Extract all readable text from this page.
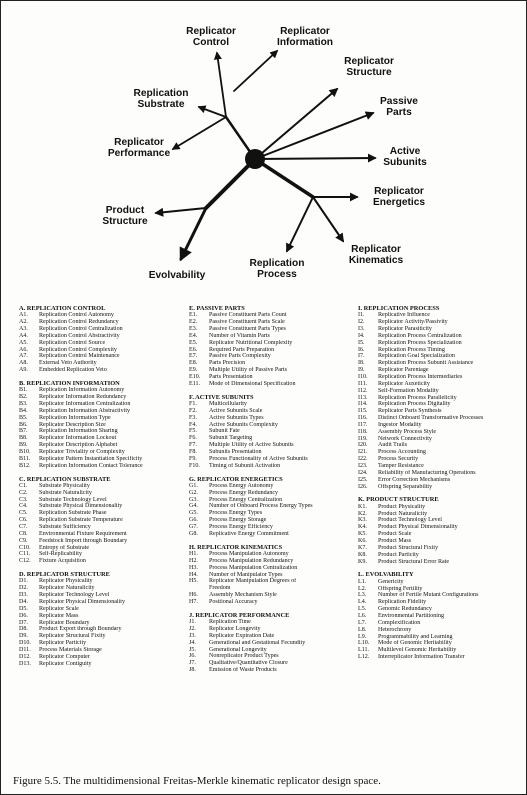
Replicator
Control
Replicator
Information
Replicator
Structure
Passive
Parts
Active
Subunits
Replicator
Energetics
Replicator
Kinematics
Replication
Process
Evolvability
Product
Structure
Replicator
Performance
Replication
Substrate
A. REPLICATION CONTROL
A1. Replication Control Autonomy
A2. Replication Control Redundancy
A3. Replication Control Centralization
A4. Replication Control Abstractivity
A5. Replication Control Source
A6. Replication Control Complexity
A7. Replication Control Maintenance
A8. External Veto Authority
A9. Embedded Replication Veto
B. REPLICATION INFORMATION
B1. Replication Information Autonomy
B2. Replicator Information Redundancy
B3. Replicator Information Centralization
B4. Replication Information Abstractivity
B5. Replication Information Type
B6. Replicator Description Size
B7. Replication Information Sharing
B8. Replicator Information Lockout
B9. Replicator Description Alphabet
B10. Replicator Triviality or Complexity
B11. Replicator Pattern Instantiation Specificity
B12. Replication Information Contact Tolerance
C. REPLICATION SUBSTRATE
C1. Substrate Physicality
C2. Substrate Naturalicity
C3. Substrate Technology Level
C4. Substrate Physical Dimensionality
C5. Replication Substrate Phase
C6. Replication Substrate Temperature
C7. Substrate Sufficiency
C8. Environmental Fixture Requirement
C9. Feedstock Import through Boundary
C10. Entropy of Substrate
C11. Self-Replicability
C12. Fixture Acquisition
D. REPLICATOR STRUCTURE
D1. Replicator Physicality
D2. Replicator Naturalicity
D3. Replicator Technology Level
D4. Replicator Physical Dimensionality
D5. Replicator Scale
D6. Replicator Mass
D7. Replicator Boundary
D8. Product Export through Boundary
D9. Replicator Structural Fixity
D10. Replicator Particity
D11. Process Materials Storage
D12. Replicator Computer
D13. Replicator Contiguity
E. PASSIVE PARTS
E1. Passive Constituent Parts Count
E2. Passive Constituent Parts Scale
E3. Passive Constituent Parts Types
E4. Number of Vitamin Parts
E5. Replicator Nutritional Complexity
E6. Required Parts Preparation
E7. Passive Parts Complexity
E8. Parts Precision
E9. Multiple Utility of Passive Parts
E10. Parts Presentation
E11. Mode of Dimensional Specification
F. ACTIVE SUBUNITS
F1. Multicellularity
F2. Active Subunits Scale
F3. Active Subunits Types
F4. Active Subunits Complexity
F5. Subunit Fate
F6. Subunit Targeting
F7. Multiple Utility of Active Subunits
F8. Subunits Presentation
F9. Process Functionality of Active Subunits
F10. Timing of Subunit Activation
G. REPLICATOR ENERGETICS
G1. Process Energy Autonomy
G2. Process Energy Redundancy
G3. Process Energy Centralization
G4. Number of Onboard Process Energy Types
G5. Process Energy Types
G6. Process Energy Storage
G7. Process Energy Efficiency
G8. Replicative Energy Commitment
H. REPLICATOR KINEMATICS
H1. Process Manipulation Autonomy
H2. Process Manipulation Redundancy
H3. Process Manipulation Centralization
H4. Number of Manipulator Types
H5. Replicator Manipulation Degrees of
Freedom
H6. Assembly Mechanism Style
H7. Positional Accuracy
J. REPLICATOR PERFORMANCE
J1. Replication Time
J2. Replicator Longevity
J3. Replicator Expiration Date
J4. Generational and Gestational Fecundity
J5. Generational Longevity
J6. Nonreplicator Product Types
J7. Qualitative/Quantitative Closure
J8. Emission of Waste Products
I. REPLICATION PROCESS
I1. Replicative Influence
I2. Replicator Activity/Passivity
I3. Replicator Parasiticity
I4. Replication Process Centralization
I5. Replication Process Specialization
I6. Replication Process Timing
I7. Replication Goal Specialization
I8. Replication Process Subunit Assistance
I9. Replicator Parentage
I10. Replication Process Intermediaries
I11. Replicator Auxeticity
I12. Self-Formation Modality
I13. Replication Process Parallelicity
I14. Replication Process Digitality
I15. Replicator Parts Synthesis
I16. Distinct Onboard Transformative Processes
I17. Ingestor Modality
I18. Assembly Process Style
I19. Network Connectivity
I20. Audit Trails
I21. Process Accounting
I22. Process Security
I23. Tamper Resistance
I24. Reliability of Manufacturing Operations
I25. Error Correction Mechanisms
I26. Offspring Separability
K. PRODUCT STRUCTURE
K1. Product Physicality
K2. Product Naturalicity
K3. Product Technology Level
K4. Product Physical Dimensionality
K5. Product Scale
K6. Product Mass
K7. Product Structural Fixity
K8. Product Particity
K9. Product Structural Error Rate
L. EVOLVABILITY
L1. Genericity
L2. Offspring Fertility
L3. Number of Fertile Mutant Configurations
L4. Replication Fidelity
L5. Genomic Redundancy
L6. Environmental Partitioning
L7. Complexification
L8. Heterochrony
L9. Programmability and Learning
L10. Mode of Genomic Heritability
L11. Multilevel Genomic Heritability
L12. Interreplicator Information Transfer
Figure 5.5. The multidimensional Freitas-Merkle kinematic replicator design space.
